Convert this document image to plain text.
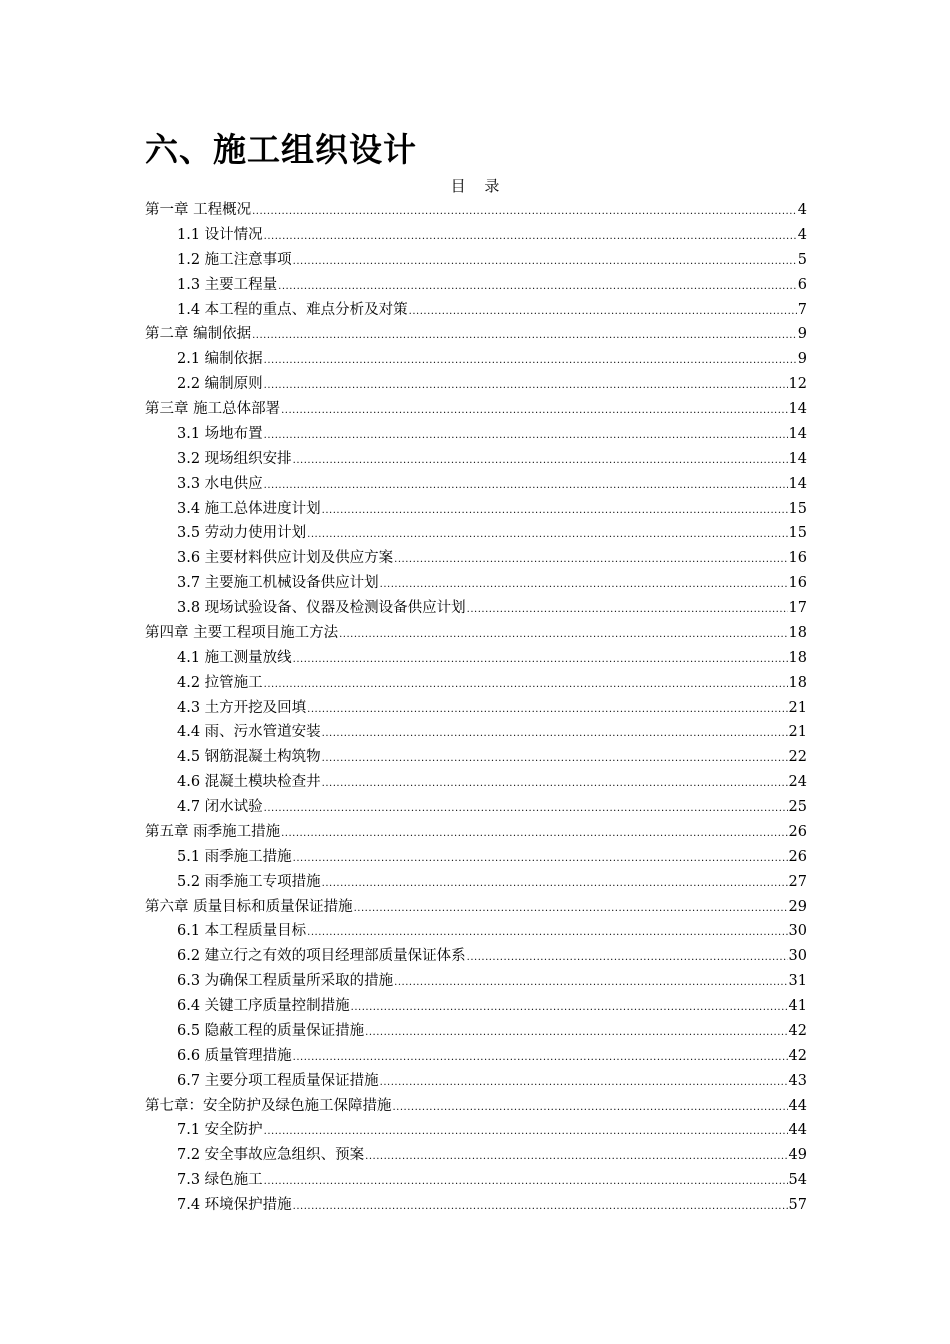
六、施工组织设计
目 录
第一章 工程概况 .....	4
1.1 设计情况 .....	4
1.2 施工注意事项 .....	5
1.3 主要工程量 .....	6
1.4 本工程的重点、难点分析及对策 .....	7
第二章 编制依据 .....	9
2.1 编制依据 .....	9
2.2 编制原则 .....	12
第三章 施工总体部署 .....	14
3.1 场地布置 .....	14
3.2 现场组织安排 .....	14
3.3 水电供应 .....	14
3.4 施工总体进度计划 .....	15
3.5 劳动力使用计划 .....	15
3.6 主要材料供应计划及供应方案 .....	16
3.7 主要施工机械设备供应计划 .....	16
3.8 现场试验设备、仪器及检测设备供应计划 .....	17
第四章 主要工程项目施工方法 .....	18
4.1 施工测量放线 .....	18
4.2 拉管施工 .....	18
4.3 土方开挖及回填 .....	21
4.4 雨、污水管道安装 .....	21
4.5 钢筋混凝土构筑物 .....	22
4.6 混凝土模块检查井 .....	24
4.7 闭水试验 .....	25
第五章 雨季施工措施 .....	26
5.1 雨季施工措施 .....	26
5.2 雨季施工专项措施 .....	27
第六章 质量目标和质量保证措施 .....	29
6.1 本工程质量目标 .....	30
6.2 建立行之有效的项目经理部质量保证体系 .....	30
6.3 为确保工程质量所采取的措施 .....	31
6.4 关键工序质量控制措施 .....	41
6.5 隐蔽工程的质量保证措施 .....	42
6.6 质量管理措施 .....	42
6.7 主要分项工程质量保证措施 .....	43
第七章：安全防护及绿色施工保障措施 .....	44
7.1 安全防护 .....	44
7.2 安全事故应急组织、预案 .....	49
7.3 绿色施工 .....	54
7.4 环境保护措施 .....	57
